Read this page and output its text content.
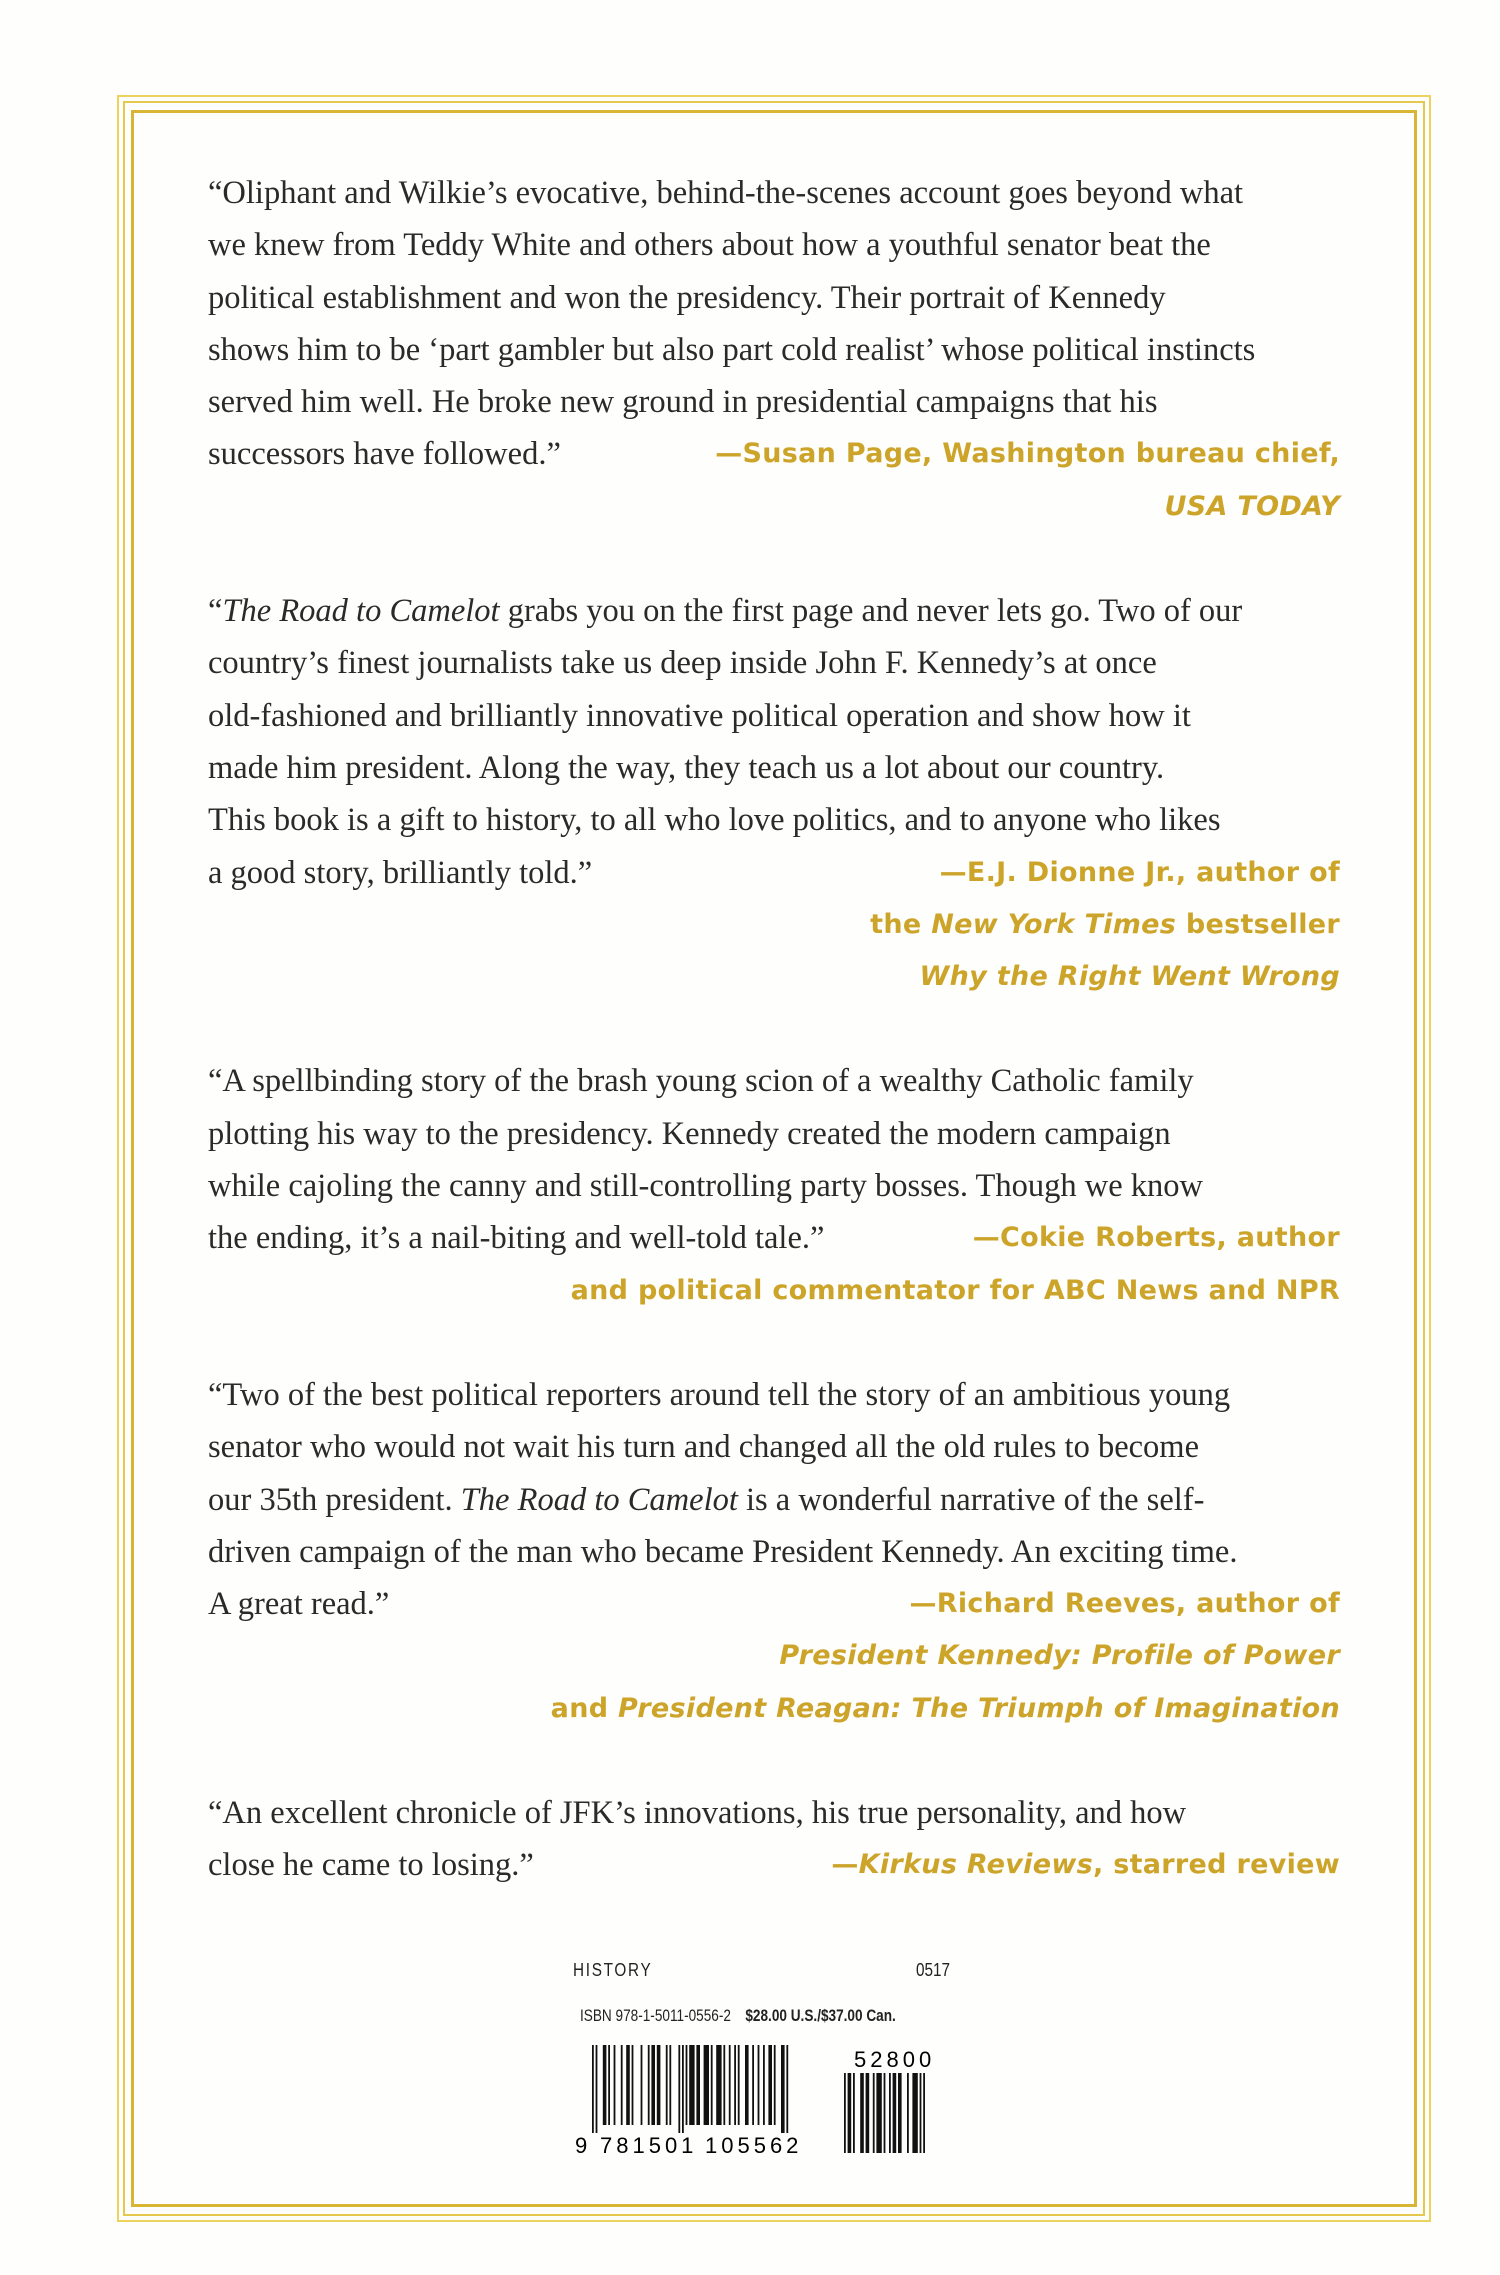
“Oliphant and Wilkie’s evocative, behind-the-scenes account goes beyond what
we knew from Teddy White and others about how a youthful senator beat the
political establishment and won the presidency. Their portrait of Kennedy
shows him to be ‘part gambler but also part cold realist’ whose political instincts
served him well. He broke new ground in presidential campaigns that his
successors have followed.”	—Susan Page, Washington bureau chief,
USA TODAY
“The Road to Camelot grabs you on the first page and never lets go. Two of our
country’s finest journalists take us deep inside John F. Kennedy’s at once
old-fashioned and brilliantly innovative political operation and show how it
made him president. Along the way, they teach us a lot about our country.
This book is a gift to history, to all who love politics, and to anyone who likes
a good story, brilliantly told.”	—E.J. Dionne Jr., author of
the New York Times bestseller
Why the Right Went Wrong
“A spellbinding story of the brash young scion of a wealthy Catholic family
plotting his way to the presidency. Kennedy created the modern campaign
while cajoling the canny and still-controlling party bosses. Though we know
the ending, it’s a nail-biting and well-told tale.”	—Cokie Roberts, author
and political commentator for ABC News and NPR
“Two of the best political reporters around tell the story of an ambitious young
senator who would not wait his turn and changed all the old rules to become
our 35th president. The Road to Camelot is a wonderful narrative of the self-
driven campaign of the man who became President Kennedy. An exciting time.
A great read.”	—Richard Reeves, author of
President Kennedy: Profile of Power
and President Reagan: The Triumph of Imagination
“An excellent chronicle of JFK’s innovations, his true personality, and how
close he came to losing.”	—Kirkus Reviews, starred review
HISTORY	0517
ISBN 978-1-5011-0556-2 $28.00 U.S./$37.00 Can.
9 781501 105562
52800
